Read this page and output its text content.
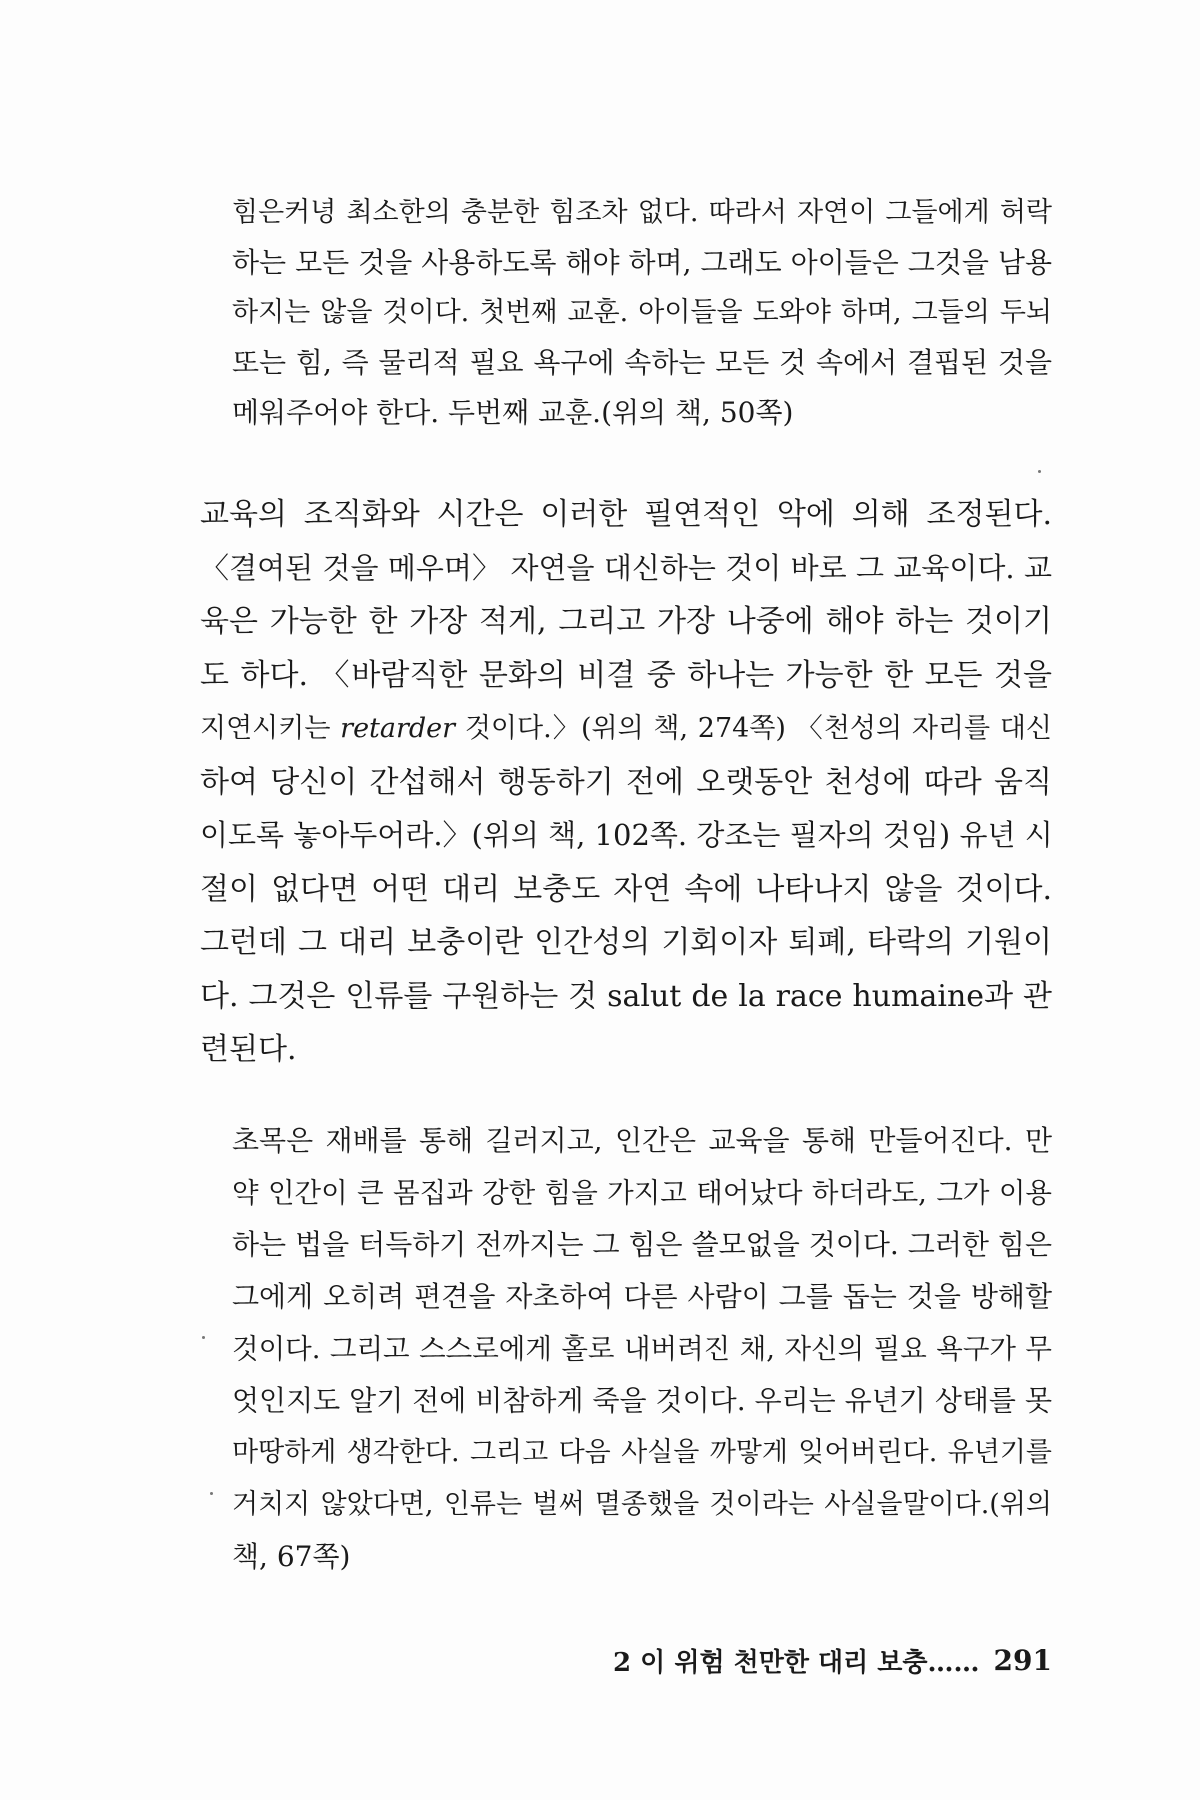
힘은커녕 최소한의 충분한 힘조차 없다. 따라서 자연이 그들에게 허락
하는 모든 것을 사용하도록 해야 하며, 그래도 아이들은 그것을 남용
하지는 않을 것이다. 첫번째 교훈. 아이들을 도와야 하며, 그들의 두뇌
또는 힘, 즉 물리적 필요 욕구에 속하는 모든 것 속에서 결핍된 것을
메워주어야 한다. 두번째 교훈.(위의 책, 50쪽)
교육의 조직화와 시간은 이러한 필연적인 악에 의해 조정된다.
〈결여된 것을 메우며〉 자연을 대신하는 것이 바로 그 교육이다. 교
육은 가능한 한 가장 적게, 그리고 가장 나중에 해야 하는 것이기
도 하다. 〈바람직한 문화의 비결 중 하나는 가능한 한 모든 것을
지연시키는 retarder 것이다.〉(위의 책, 274쪽) 〈천성의 자리를 대신
하여 당신이 간섭해서 행동하기 전에 오랫동안 천성에 따라 움직
이도록 놓아두어라.〉(위의 책, 102쪽. 강조는 필자의 것임) 유년 시
절이 없다면 어떤 대리 보충도 자연 속에 나타나지 않을 것이다.
그런데 그 대리 보충이란 인간성의 기회이자 퇴폐, 타락의 기원이
다. 그것은 인류를 구원하는 것 salut de la race humaine과 관
련된다.
초목은 재배를 통해 길러지고, 인간은 교육을 통해 만들어진다. 만
약 인간이 큰 몸집과 강한 힘을 가지고 태어났다 하더라도, 그가 이용
하는 법을 터득하기 전까지는 그 힘은 쓸모없을 것이다. 그러한 힘은
그에게 오히려 편견을 자초하여 다른 사람이 그를 돕는 것을 방해할
것이다. 그리고 스스로에게 홀로 내버려진 채, 자신의 필요 욕구가 무
엇인지도 알기 전에 비참하게 죽을 것이다. 우리는 유년기 상태를 못
마땅하게 생각한다. 그리고 다음 사실을 까맣게 잊어버린다. 유년기를
거치지 않았다면, 인류는 벌써 멸종했을 것이라는 사실을말이다.(위의
책, 67쪽)
2 이 위험 천만한 대리 보충…… 291
